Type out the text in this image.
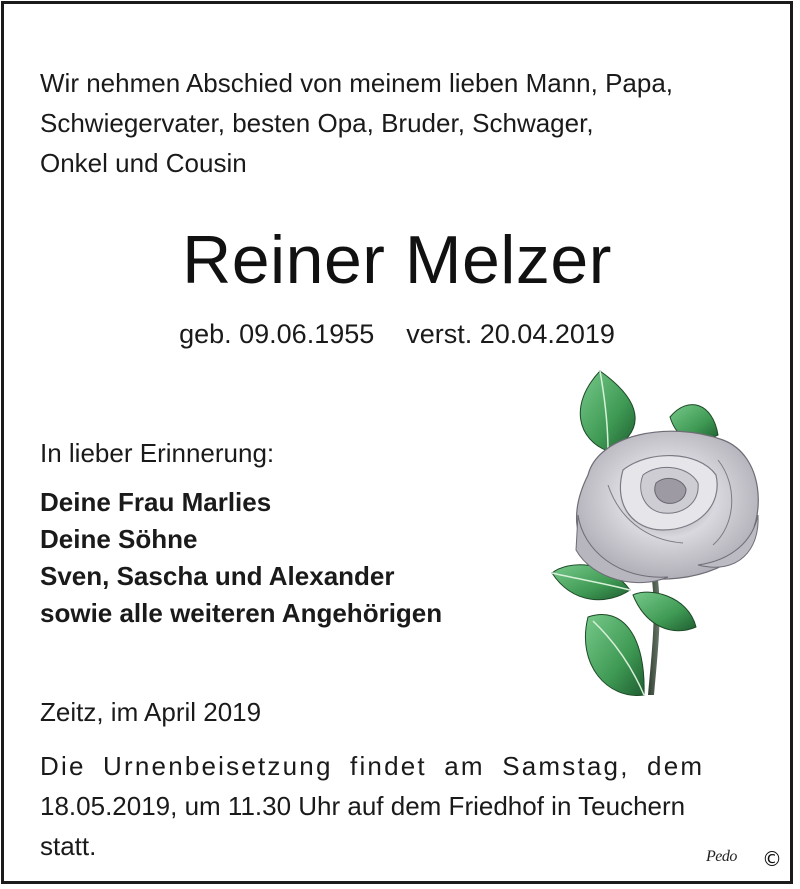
Wir nehmen Abschied von meinem lieben Mann, Papa,
Schwiegervater, besten Opa, Bruder, Schwager,
Onkel und Cousin

Reiner Melzer

geb. 09.06.1955 verst. 20.04.2019

In lieber Erinnerung:

Deine Frau Marlies
Deine Söhne
Sven, Sascha und Alexander
sowie alle weiteren Angehörigen

Zeitz, im April 2019

Die Urnenbeisetzung findet am Samstag, dem
18.05.2019, um 11.30 Uhr auf dem Friedhof in Teuchern
statt.	Pedo ©
